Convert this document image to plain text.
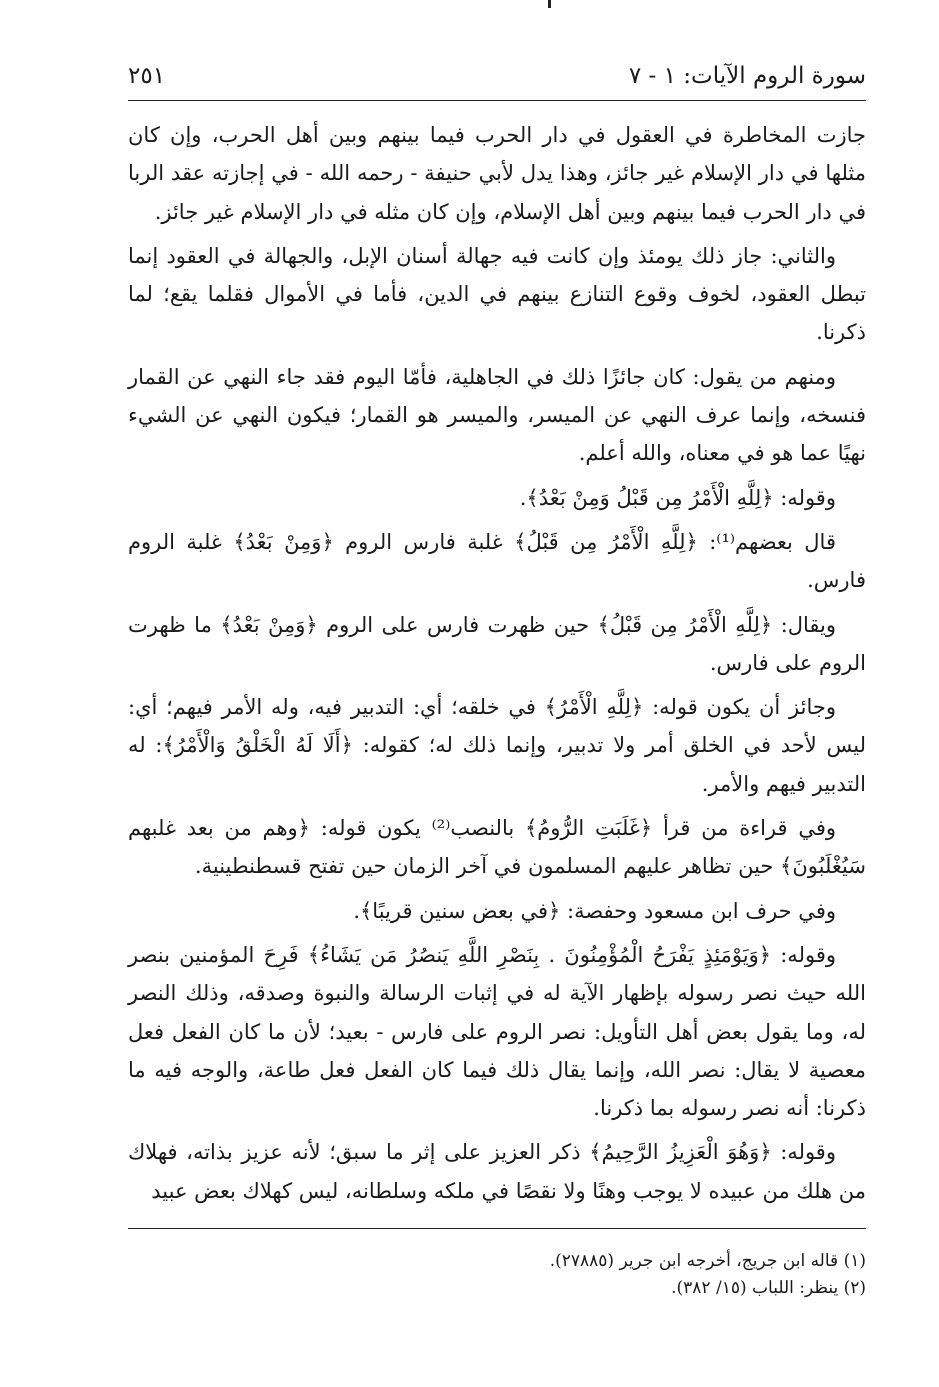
سورة الروم الآيات: ١ - ٧
٢٥١

جازت المخاطرة في العقول في دار الحرب فيما بينهم وبين أهل الحرب، وإن كان مثلها في دار الإسلام غير جائز، وهذا يدل لأبي حنيفة - رحمه الله - في إجازته عقد الربا في دار الحرب فيما بينهم وبين أهل الإسلام، وإن كان مثله في دار الإسلام غير جائز.

والثاني: جاز ذلك يومئذ وإن كانت فيه جهالة أسنان الإبل، والجهالة في العقود إنما تبطل العقود، لخوف وقوع التنازع بينهم في الدين، فأما في الأموال فقلما يقع؛ لما ذكرنا.

ومنهم من يقول: كان جائزًا ذلك في الجاهلية، فأمّا اليوم فقد جاء النهي عن القمار فنسخه، وإنما عرف النهي عن الميسر، والميسر هو القمار؛ فيكون النهي عن الشيء نهيًا عما هو في معناه، والله أعلم.

وقوله: ﴿لِلَّهِ الْأَمْرُ مِن قَبْلُ وَمِنْ بَعْدُ﴾.

قال بعضهم⁽¹⁾: ﴿لِلَّهِ الْأَمْرُ مِن قَبْلُ﴾ غلبة فارس الروم ﴿وَمِنْ بَعْدُ﴾ غلبة الروم فارس.

ويقال: ﴿لِلَّهِ الْأَمْرُ مِن قَبْلُ﴾ حين ظهرت فارس على الروم ﴿وَمِنْ بَعْدُ﴾ ما ظهرت الروم على فارس.

وجائز أن يكون قوله: ﴿لِلَّهِ الْأَمْرُ﴾ في خلقه؛ أي: التدبير فيه، وله الأمر فيهم؛ أي: ليس لأحد في الخلق أمر ولا تدبير، وإنما ذلك له؛ كقوله: ﴿أَلَا لَهُ الْخَلْقُ وَالْأَمْرُ﴾: له التدبير فيهم والأمر.

وفي قراءة من قرأ ﴿غَلَبَتِ الرُّومُ﴾ بالنصب⁽²⁾ يكون قوله: ﴿وهم من بعد غلبهم سَيُغْلَبُونَ﴾ حين تظاهر عليهم المسلمون في آخر الزمان حين تفتح قسطنطينية.

وفي حرف ابن مسعود وحفصة: ﴿في بعض سنين قريبًا﴾.

وقوله: ﴿وَيَوْمَئِذٍ يَفْرَحُ الْمُؤْمِنُونَ . بِنَصْرِ اللَّهِ يَنصُرُ مَن يَشَاءُ﴾ فَرِحَ المؤمنين بنصر الله حيث نصر رسوله بإظهار الآية له في إثبات الرسالة والنبوة وصدقه، وذلك النصر له، وما يقول بعض أهل التأويل: نصر الروم على فارس - بعيد؛ لأن ما كان الفعل فعل معصية لا يقال: نصر الله، وإنما يقال ذلك فيما كان الفعل فعل طاعة، والوجه فيه ما ذكرنا: أنه نصر رسوله بما ذكرنا.

وقوله: ﴿وَهُوَ الْعَزِيزُ الرَّحِيمُ﴾ ذكر العزيز على إثر ما سبق؛ لأنه عزيز بذاته، فهلاك من هلك من عبيده لا يوجب وهنًا ولا نقصًا في ملكه وسلطانه، ليس كهلاك بعض عبيد

(١) قاله ابن جريج، أخرجه ابن جرير (٢٧٨٨٥).
(٢) ينظر: اللباب (١٥/ ٣٨٢).
